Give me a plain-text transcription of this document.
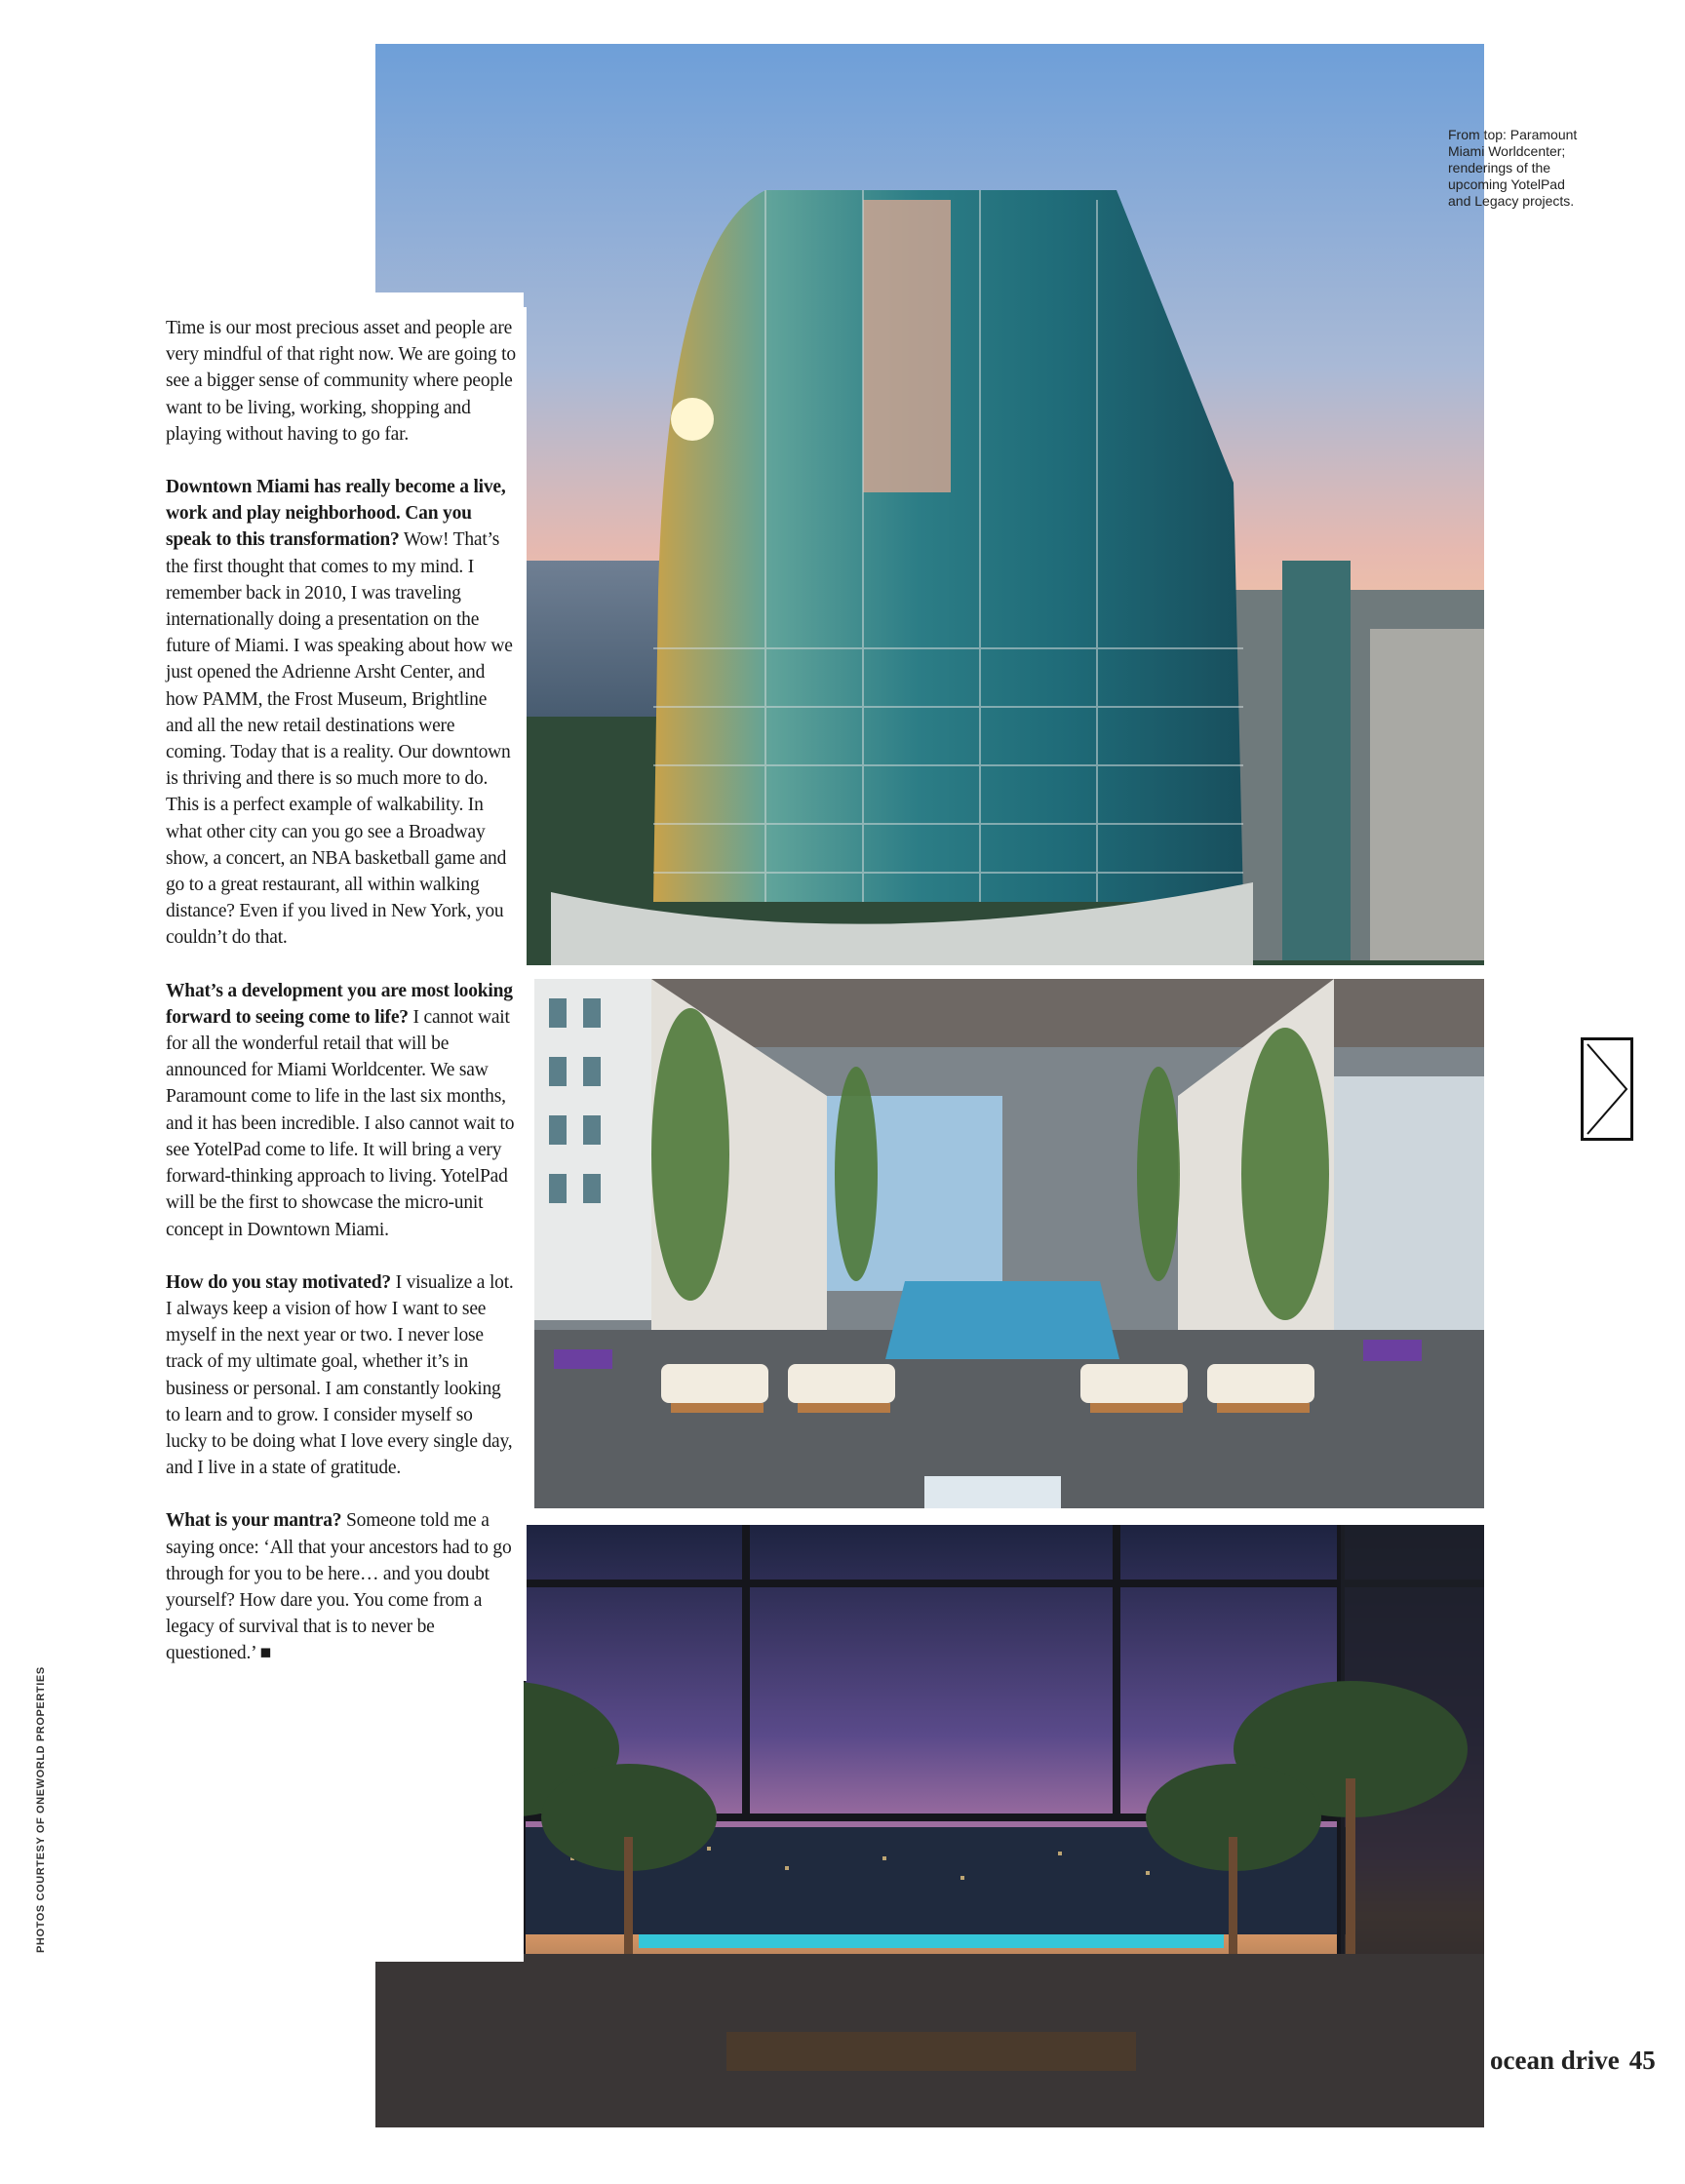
From top: Paramount
Miami Worldcenter;
renderings of the
upcoming YotelPad
and Legacy projects.

Time is our most precious asset and people are very mindful of that right now. We are going to see a bigger sense of community where people want to be living, working, shopping and playing without having to go far.

Downtown Miami has really become a live, work and play neighborhood. Can you speak to this transformation? Wow! That’s the first thought that comes to my mind. I remember back in 2010, I was traveling internationally doing a presentation on the future of Miami. I was speaking about how we just opened the Adrienne Arsht Center, and how PAMM, the Frost Museum, Brightline and all the new retail destinations were coming. Today that is a reality. Our downtown is thriving and there is so much more to do. This is a perfect example of walkability. In what other city can you go see a Broadway show, a concert, an NBA basketball game and go to a great restaurant, all within walking distance? Even if you lived in New York, you couldn’t do that.

What’s a development you are most looking forward to seeing come to life? I cannot wait for all the wonderful retail that will be announced for Miami Worldcenter. We saw Paramount come to life in the last six months, and it has been incredible. I also cannot wait to see YotelPad come to life. It will bring a very forward-thinking approach to living. YotelPad will be the first to showcase the micro-unit concept in Downtown Miami.

How do you stay motivated? I visualize a lot. I always keep a vision of how I want to see myself in the next year or two. I never lose track of my ultimate goal, whether it’s in business or personal. I am constantly looking to learn and to grow. I consider myself so lucky to be doing what I love every single day, and I live in a state of gratitude.

What is your mantra? Someone told me a saying once: ‘All that your ancestors had to go through for you to be here… and you doubt yourself? How dare you. You come from a legacy of survival that is to never be questioned.’ ■

PHOTOS COURTESY OF ONEWORLD PROPERTIES
ocean drive 45
